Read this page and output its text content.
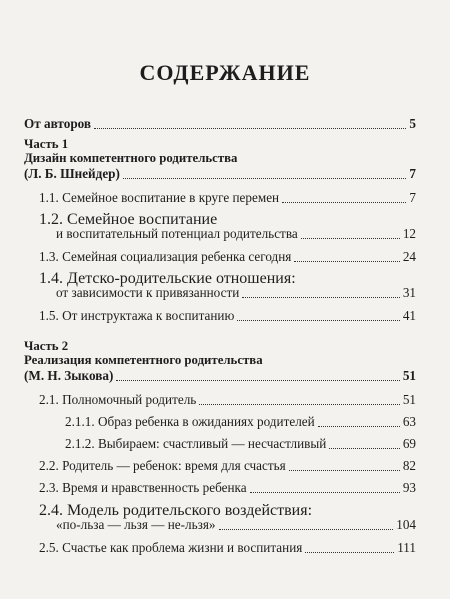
СОДЕРЖАНИЕ
От авторов	5
Часть 1
Дизайн компетентного родительства
(Л. Б. Шнейдер)	7
1.1. Семейное воспитание в круге перемен	7
1.2. Семейное воспитание
и воспитательный потенциал родительства	12
1.3. Семейная социализация ребенка сегодня	24
1.4. Детско-родительские отношения:
от зависимости к привязанности	31
1.5. От инструктажа к воспитанию	41
Часть 2
Реализация компетентного родительства
(М. Н. Зыкова)	51
2.1. Полномочный родитель	51
2.1.1. Образ ребенка в ожиданиях родителей	63
2.1.2. Выбираем: счастливый — несчастливый	69
2.2. Родитель — ребенок: время для счастья	82
2.3. Время и нравственность ребенка	93
2.4. Модель родительского воздействия:
«по-льза — льзя — не-льзя»	104
2.5. Счастье как проблема жизни и воспитания	111
